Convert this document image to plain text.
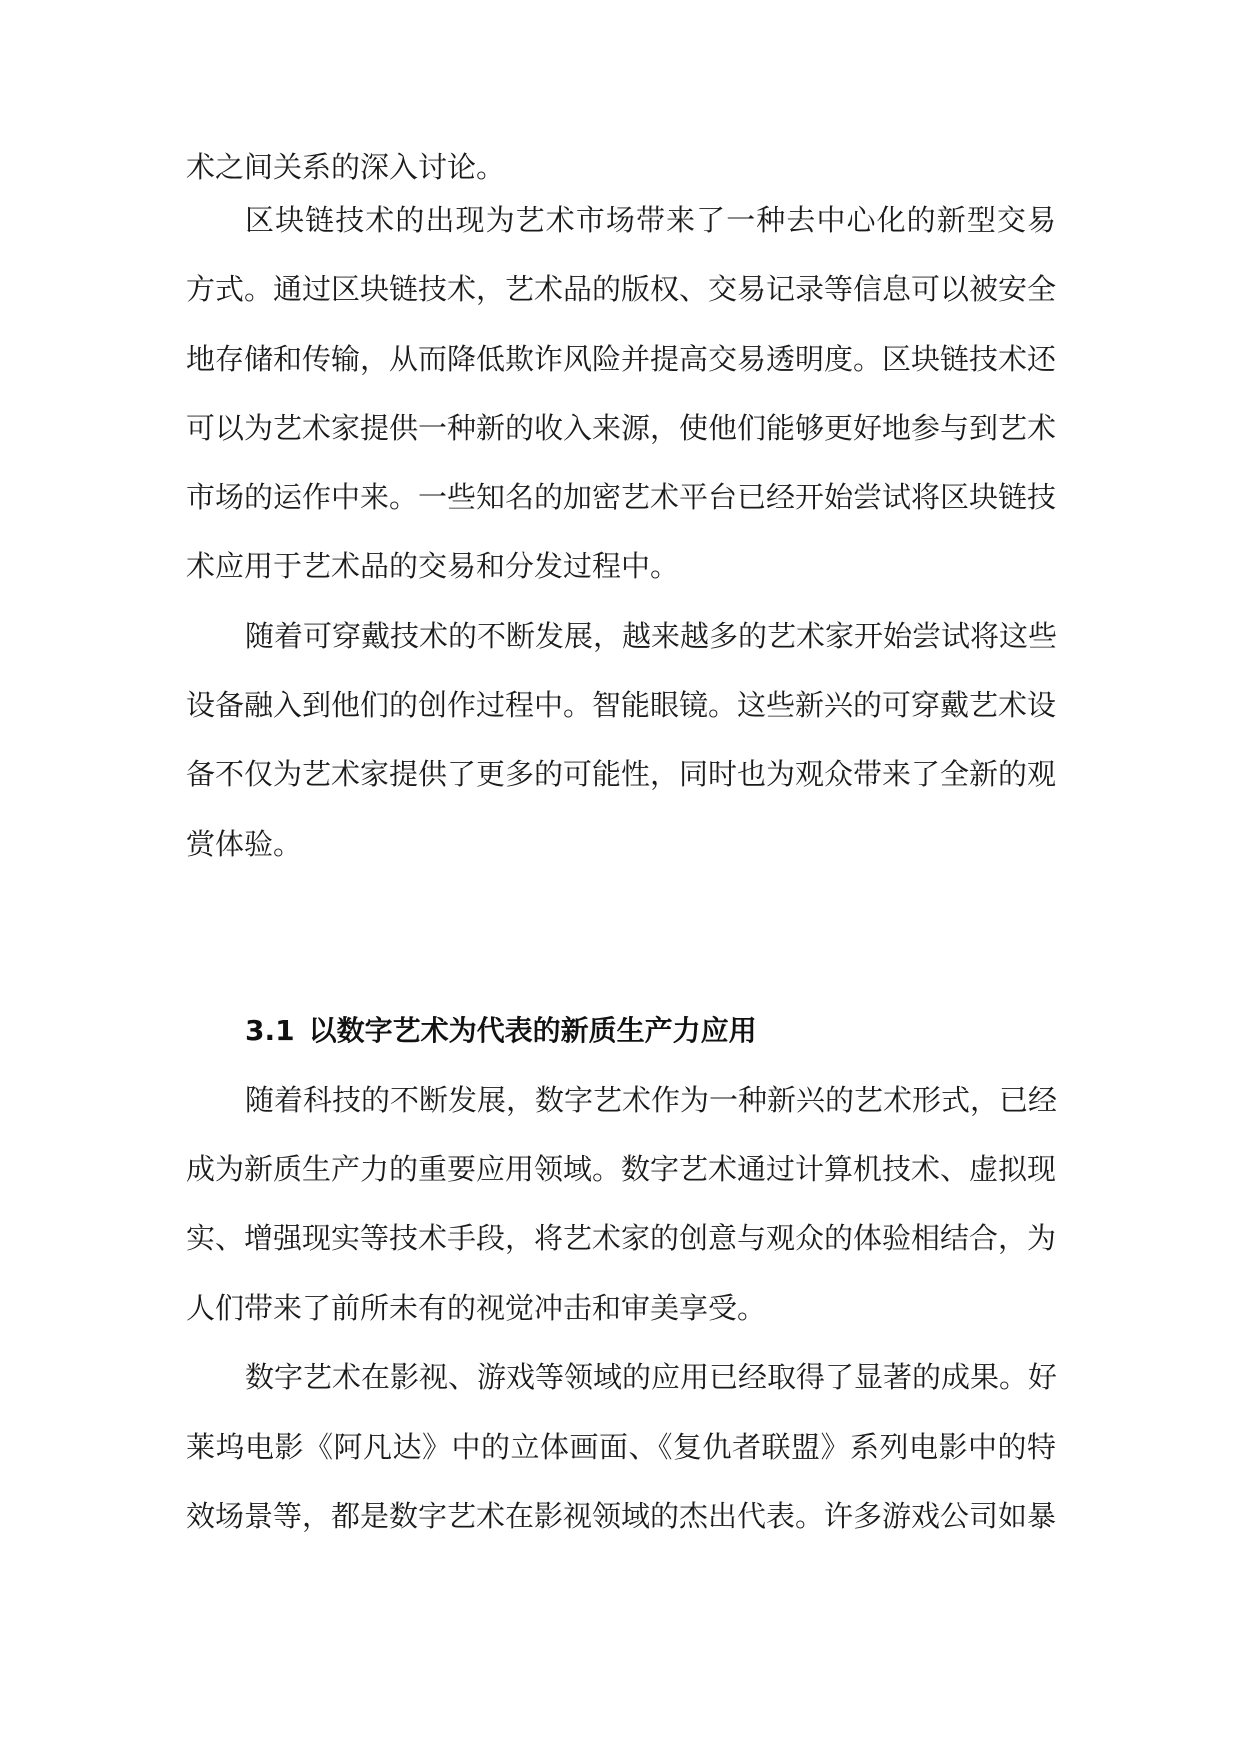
术之间关系的深入讨论。
区块链技术的出现为艺术市场带来了一种去中心化的新型交易
方式。通过区块链技术，艺术品的版权、交易记录等信息可以被安全
地存储和传输，从而降低欺诈风险并提高交易透明度。区块链技术还
可以为艺术家提供一种新的收入来源，使他们能够更好地参与到艺术
市场的运作中来。一些知名的加密艺术平台已经开始尝试将区块链技
术应用于艺术品的交易和分发过程中。
随着可穿戴技术的不断发展，越来越多的艺术家开始尝试将这些
设备融入到他们的创作过程中。智能眼镜。这些新兴的可穿戴艺术设
备不仅为艺术家提供了更多的可能性，同时也为观众带来了全新的观
赏体验。
3.1 以数字艺术为代表的新质生产力应用
随着科技的不断发展，数字艺术作为一种新兴的艺术形式，已经
成为新质生产力的重要应用领域。数字艺术通过计算机技术、虚拟现
实、增强现实等技术手段，将艺术家的创意与观众的体验相结合，为
人们带来了前所未有的视觉冲击和审美享受。
数字艺术在影视、游戏等领域的应用已经取得了显著的成果。好
莱坞电影《阿凡达》中的立体画面、《复仇者联盟》系列电影中的特
效场景等，都是数字艺术在影视领域的杰出代表。许多游戏公司如暴
